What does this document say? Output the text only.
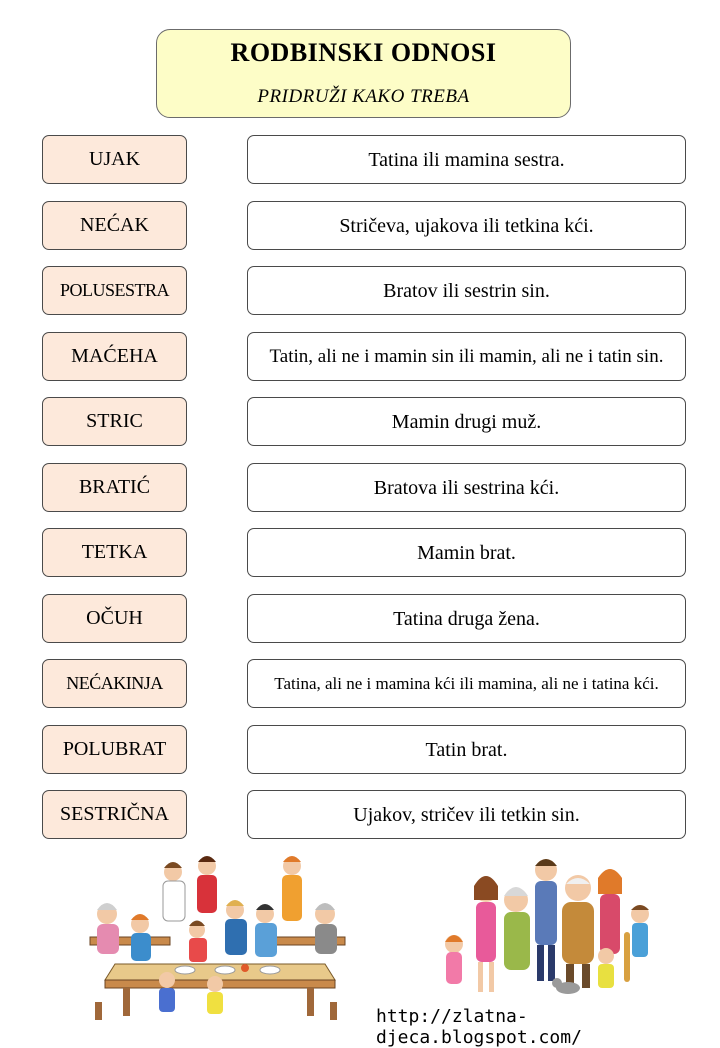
RODBINSKI ODNOSI
PRIDRUŽI KAKO TREBA
UJAK	Tatina ili mamina sestra.
NEĆAK	Stričeva, ujakova ili tetkina kći.
POLUSESTRA	Bratov ili sestrin sin.
MAĆEHA	Tatin, ali ne i mamin sin ili mamin, ali ne i tatin sin.
STRIC	Mamin drugi muž.
BRATIĆ	Bratova ili sestrina kći.
TETKA	Mamin brat.
OČUH	Tatina druga žena.
NEĆAKINJA	Tatina, ali ne i mamina kći ili mamina, ali ne i tatina kći.
POLUBRAT	Tatin brat.
SESTRIČNA	Ujakov, stričev ili tetkin sin.
http://zlatna-djeca.blogspot.com/
